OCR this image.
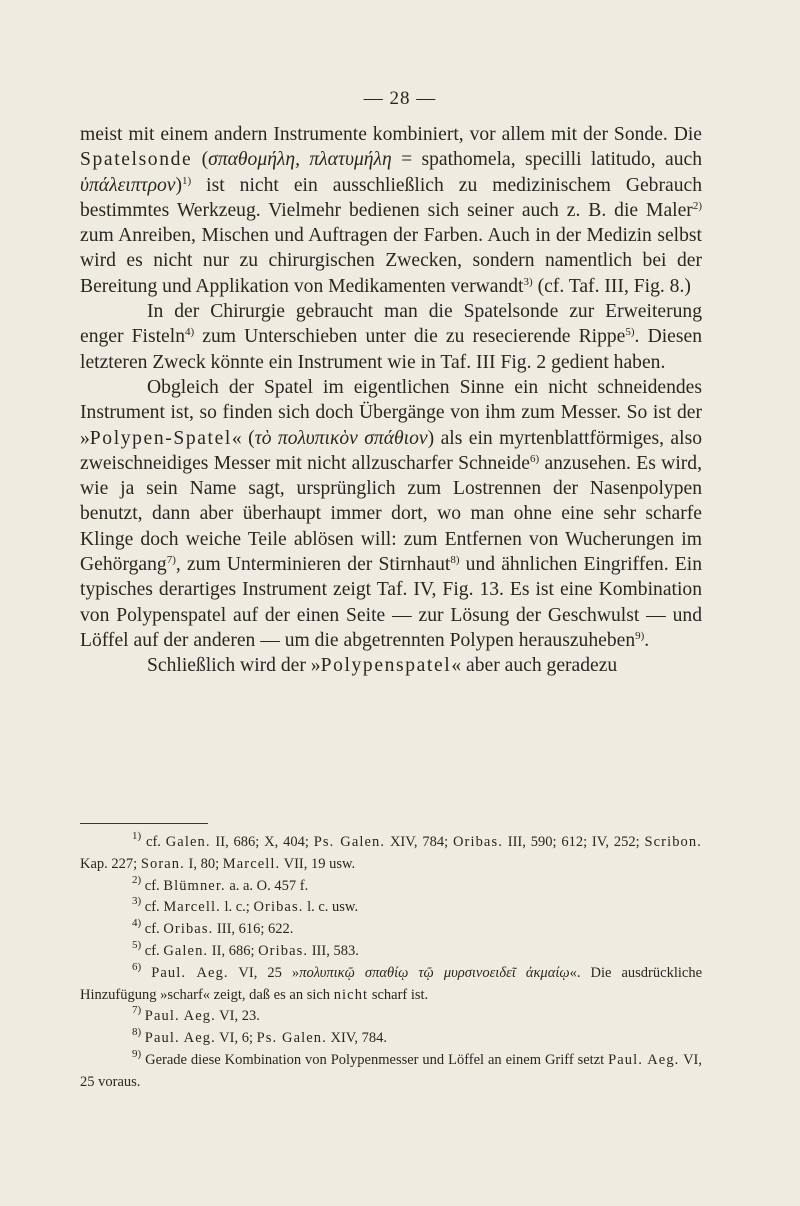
— 28 —

meist mit einem andern Instrumente kombiniert, vor allem mit der Sonde. Die Spatelsonde (σπαθομήλη, πλατυμήλη = spathomela, specilli latitudo, auch ὑπάλειπτρον)$^{1)}$ ist nicht ein ausschließlich zu medizinischem Gebrauch bestimmtes Werkzeug. Vielmehr bedienen sich seiner auch z. B. die Maler$^{2)}$ zum Anreiben, Mischen und Auftragen der Farben. Auch in der Medizin selbst wird es nicht nur zu chirurgischen Zwecken, sondern namentlich bei der Bereitung und Applikation von Medikamenten verwandt$^{3)}$ (cf. Taf. III, Fig. 8.)

In der Chirurgie gebraucht man die Spatelsonde zur Erweiterung enger Fisteln$^{4)}$ zum Unterschieben unter die zu resecierende Rippe$^{5)}$. Diesen letzteren Zweck könnte ein Instrument wie in Taf. III Fig. 2 gedient haben.

Obgleich der Spatel im eigentlichen Sinne ein nicht schneidendes Instrument ist, so finden sich doch Übergänge von ihm zum Messer. So ist der »Polypen-Spatel« (τὸ πολυπικὸν σπάθιον) als ein myrtenblattförmiges, also zweischneidiges Messer mit nicht allzuscharfer Schneide$^{6)}$ anzusehen. Es wird, wie ja sein Name sagt, ursprünglich zum Lostrennen der Nasenpolypen benutzt, dann aber überhaupt immer dort, wo man ohne eine sehr scharfe Klinge doch weiche Teile ablösen will: zum Entfernen von Wucherungen im Gehörgang$^{7)}$, zum Unterminieren der Stirnhaut$^{8)}$ und ähnlichen Eingriffen. Ein typisches derartiges Instrument zeigt Taf. IV, Fig. 13. Es ist eine Kombination von Polypenspatel auf der einen Seite — zur Lösung der Geschwulst — und Löffel auf der anderen — um die abgetrennten Polypen herauszuheben$^{9)}$.

Schließlich wird der »Polypenspatel« aber auch geradezu

$^{1)}$ cf. Galen. II, 686; X, 404; Ps. Galen. XIV, 784; Oribas. III, 590; 612; IV, 252; Scribon. Kap. 227; Soran. I, 80; Marcell. VII, 19 usw.

$^{2)}$ cf. Blümner. a. a. O. 457 f.

$^{3)}$ cf. Marcell. l. c.; Oribas. l. c. usw.

$^{4)}$ cf. Oribas. III, 616; 622.

$^{5)}$ cf. Galen. II, 686; Oribas. III, 583.

$^{6)}$ Paul. Aeg. VI, 25 »πολυπικῷ σπαθίῳ τῷ μυρσινοειδεῖ ἀκμαίῳ«. Die ausdrückliche Hinzufügung »scharf« zeigt, daß es an sich nicht scharf ist.

$^{7)}$ Paul. Aeg. VI, 23.

$^{8)}$ Paul. Aeg. VI, 6; Ps. Galen. XIV, 784.

$^{9)}$ Gerade diese Kombination von Polypenmesser und Löffel an einem Griff setzt Paul. Aeg. VI, 25 voraus.
